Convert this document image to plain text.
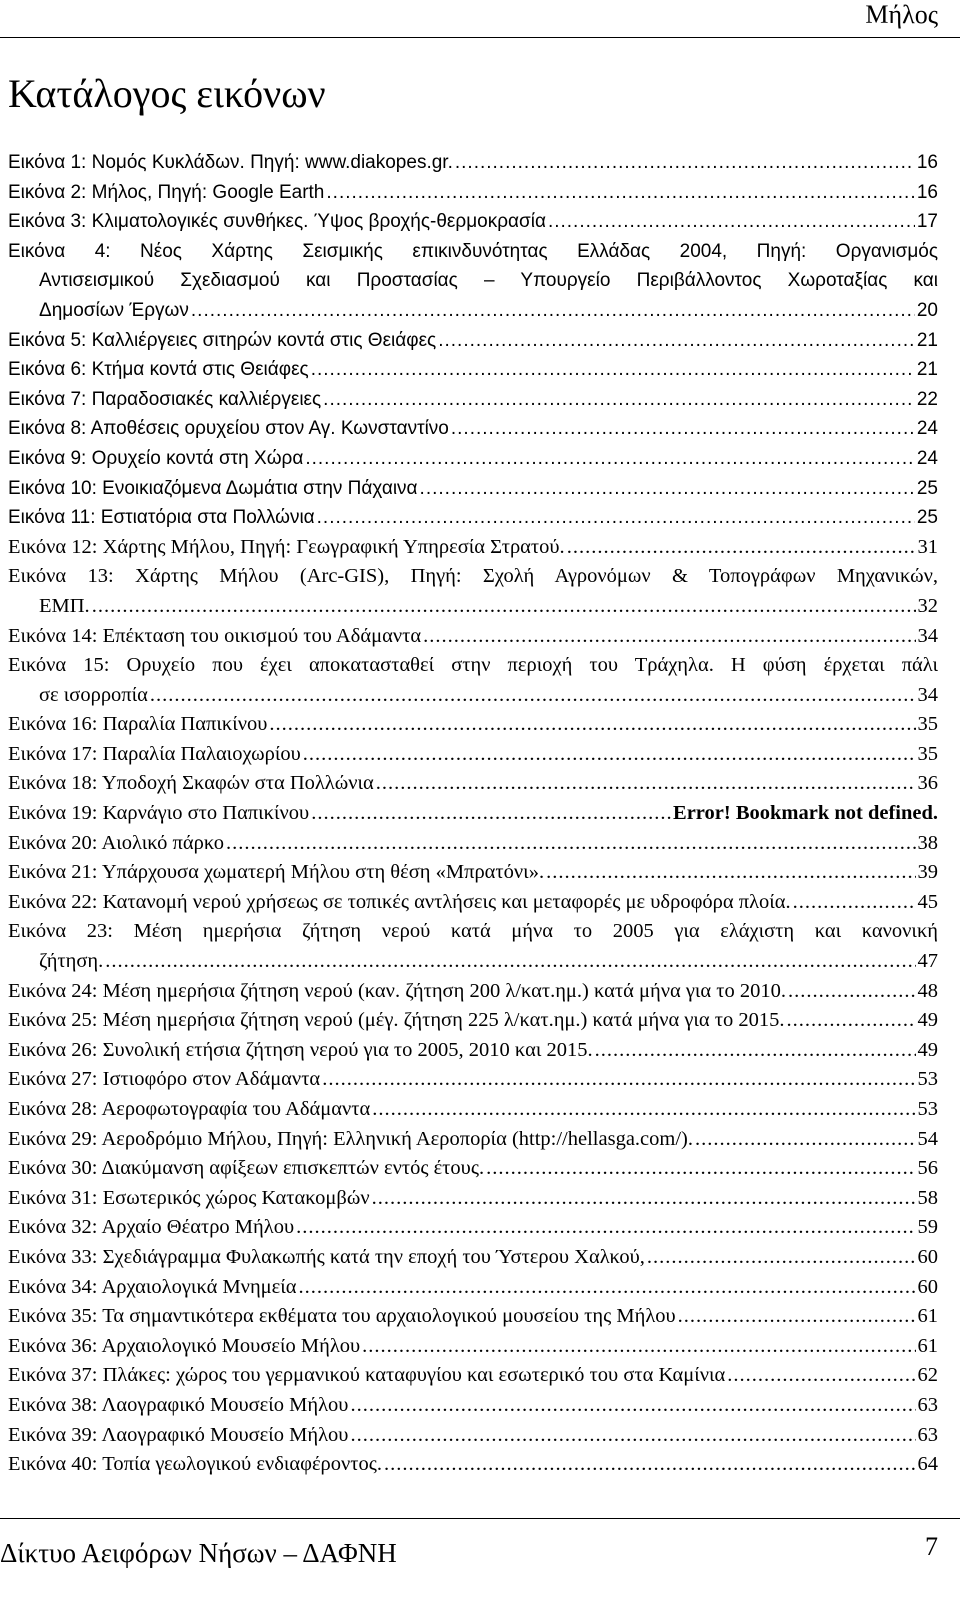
Μήλος
Κατάλογος εικόνων
Εικόνα 1: Νομός Κυκλάδων. Πηγή: www.diakopes.gr. .....	16
Εικόνα 2: Μήλος, Πηγή: Google Earth .....	16
Εικόνα 3: Κλιματολογικές συνθήκες. Ύψος βροχής-θερμοκρασία .....	17
Εικόνα 4: Νέος Χάρτης Σεισμικής επικινδυνότητας Ελλάδας 2004, Πηγή: Οργανισμός
Αντισεισμικού Σχεδιασμού και Προστασίας – Υπουργείο Περιβάλλοντος Χωροταξίας και
Δημοσίων Έργων .....	20
Εικόνα 5: Καλλιέργειες σιτηρών κοντά στις Θειάφες .....	21
Εικόνα 6: Κτήμα κοντά στις Θειάφες .....	21
Εικόνα 7: Παραδοσιακές καλλιέργειες .....	22
Εικόνα 8: Αποθέσεις ορυχείου στον Αγ. Κωνσταντίνο .....	24
Εικόνα 9: Ορυχείο κοντά στη Χώρα .....	24
Εικόνα 10: Ενοικιαζόμενα Δωμάτια στην Πάχαινα .....	25
Εικόνα 11: Εστιατόρια στα Πολλώνια .....	25
Εικόνα 12: Χάρτης Μήλου, Πηγή: Γεωγραφική Υπηρεσία Στρατού. .....	31
Εικόνα 13: Χάρτης Μήλου (Arc-GIS), Πηγή: Σχολή Αγρονόμων & Τοπογράφων Μηχανικών,
ΕΜΠ. .....	32
Εικόνα 14: Επέκταση του οικισμού του Αδάμαντα .....	34
Εικόνα 15: Ορυχείο που έχει αποκατασταθεί στην περιοχή του Τράχηλα. Η φύση έρχεται πάλι
σε ισορροπία .....	34
Εικόνα 16: Παραλία Παπικίνου .....	35
Εικόνα 17: Παραλία Παλαιοχωρίου .....	35
Εικόνα 18: Υποδοχή Σκαφών στα Πολλώνια .....	36
Εικόνα 19: Καρνάγιο στο Παπικίνου .....	Error! Bookmark not defined.
Εικόνα 20: Αιολικό πάρκο .....	38
Εικόνα 21: Υπάρχουσα χωματερή Μήλου στη θέση «Μπρατόνι». .....	39
Εικόνα 22: Κατανομή νερού χρήσεως σε τοπικές αντλήσεις και μεταφορές με υδροφόρα πλοία. .....	45
Εικόνα 23: Μέση ημερήσια ζήτηση νερού κατά μήνα το 2005 για ελάχιστη και κανονική
ζήτηση. .....	47
Εικόνα 24: Μέση ημερήσια ζήτηση νερού (καν. ζήτηση 200 λ/κατ.ημ.) κατά μήνα για το 2010. .....	48
Εικόνα 25: Μέση ημερήσια ζήτηση νερού (μέγ. ζήτηση 225 λ/κατ.ημ.) κατά μήνα για το 2015. .....	49
Εικόνα 26: Συνολική ετήσια ζήτηση νερού για το 2005, 2010 και 2015. .....	49
Εικόνα 27: Ιστιοφόρο στον Αδάμαντα .....	53
Εικόνα 28: Αεροφωτογραφία του Αδάμαντα .....	53
Εικόνα 29: Αεροδρόμιο Μήλου, Πηγή: Ελληνική Αεροπορία (http://hellasga.com/). .....	54
Εικόνα 30: Διακύμανση αφίξεων επισκεπτών εντός έτους. .....	56
Εικόνα 31: Εσωτερικός χώρος Κατακομβών .....	58
Εικόνα 32: Αρχαίο Θέατρο Μήλου .....	59
Εικόνα 33: Σχεδιάγραμμα Φυλακωπής κατά την εποχή του Ύστερου Χαλκού, .....	60
Εικόνα 34: Αρχαιολογικά Μνημεία .....	60
Εικόνα 35: Τα σημαντικότερα εκθέματα του αρχαιολογικού μουσείου της Μήλου .....	61
Εικόνα 36: Αρχαιολογικό Μουσείο Μήλου .....	61
Εικόνα 37: Πλάκες: χώρος του γερμανικού καταφυγίου και εσωτερικό του στα Καμίνια .....	62
Εικόνα 38: Λαογραφικό Μουσείο Μήλου .....	63
Εικόνα 39: Λαογραφικό Μουσείο Μήλου .....	63
Εικόνα 40: Τοπία γεωλογικού ενδιαφέροντος. .....	64
Δίκτυο Αειφόρων Νήσων – ΔΑΦΝΗ	7
